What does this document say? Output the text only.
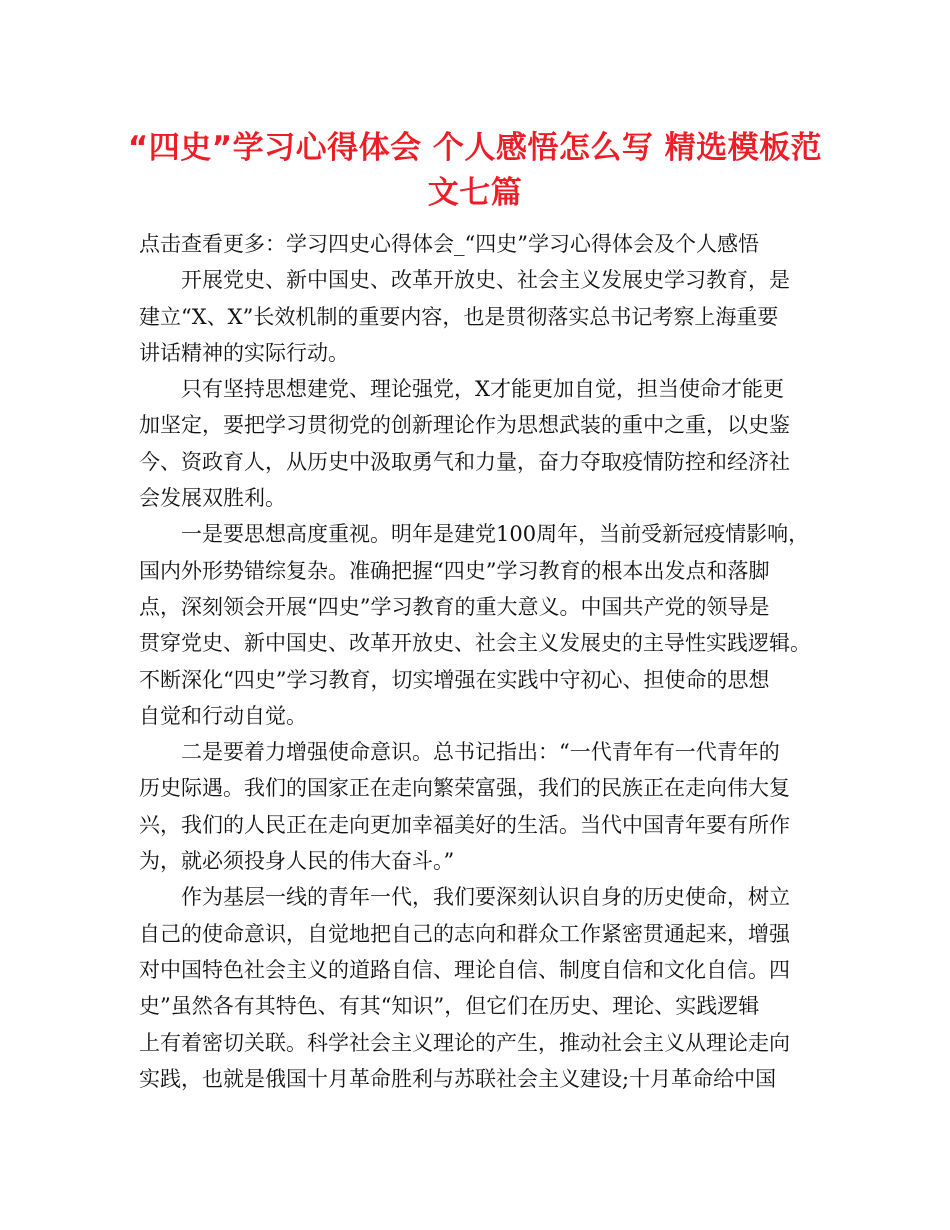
“四史”学习心得体会 个人感悟怎么写 精选模板范
文七篇

点击查看更多：学习四史心得体会_“四史”学习心得体会及个人感悟

开展党史、新中国史、改革开放史、社会主义发展史学习教育，是
建立“X、X”长效机制的重要内容，也是贯彻落实总书记考察上海重要
讲话精神的实际行动。

只有坚持思想建党、理论强党，X才能更加自觉，担当使命才能更
加坚定，要把学习贯彻党的创新理论作为思想武装的重中之重，以史鉴
今、资政育人，从历史中汲取勇气和力量，奋力夺取疫情防控和经济社
会发展双胜利。

一是要思想高度重视。明年是建党100周年，当前受新冠疫情影响，
国内外形势错综复杂。准确把握“四史”学习教育的根本出发点和落脚
点，深刻领会开展“四史”学习教育的重大意义。中国共产党的领导是
贯穿党史、新中国史、改革开放史、社会主义发展史的主导性实践逻辑。
不断深化“四史”学习教育，切实增强在实践中守初心、担使命的思想
自觉和行动自觉。

二是要着力增强使命意识。总书记指出：“一代青年有一代青年的
历史际遇。我们的国家正在走向繁荣富强，我们的民族正在走向伟大复
兴，我们的人民正在走向更加幸福美好的生活。当代中国青年要有所作
为，就必须投身人民的伟大奋斗。”

作为基层一线的青年一代，我们要深刻认识自身的历史使命，树立
自己的使命意识，自觉地把自己的志向和群众工作紧密贯通起来，增强
对中国特色社会主义的道路自信、理论自信、制度自信和文化自信。四
史”虽然各有其特色、有其“知识”，但它们在历史、理论、实践逻辑
上有着密切关联。科学社会主义理论的产生，推动社会主义从理论走向
实践，也就是俄国十月革命胜利与苏联社会主义建设;十月革命给中国
